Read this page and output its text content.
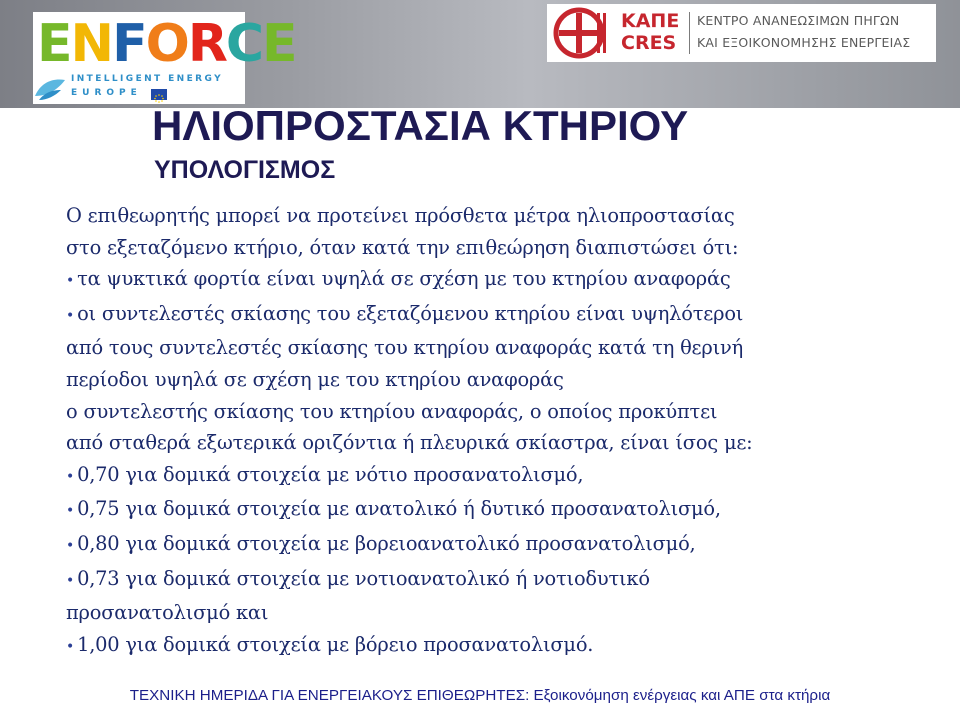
ENFORCE
INTELLIGENT ENERGY
EUROPE
ΚΑΠΕ
CRES
ΚΕΝΤΡΟ ΑΝΑΝΕΩΣΙΜΩΝ ΠΗΓΩΝ
ΚΑΙ ΕΞΟΙΚΟΝΟΜΗΣΗΣ ΕΝΕΡΓΕΙΑΣ
ΗΛΙΟΠΡΟΣΤΑΣΙΑ ΚΤΗΡΙΟΥ
ΥΠΟΛΟΓΙΣΜΟΣ
Ο επιθεωρητής μπορεί να προτείνει πρόσθετα μέτρα ηλιοπροστασίας
στο εξεταζόμενο κτήριο, όταν κατά την επιθεώρηση διαπιστώσει ότι:
• τα ψυκτικά φορτία είναι υψηλά σε σχέση με του κτηρίου αναφοράς
• οι συντελεστές σκίασης του εξεταζόμενου κτηρίου είναι υψηλότεροι
από τους συντελεστές σκίασης του κτηρίου αναφοράς κατά τη θερινή
περίοδοι υψηλά σε σχέση με του κτηρίου αναφοράς
ο συντελεστής σκίασης του κτηρίου αναφοράς, ο οποίος προκύπτει
από σταθερά εξωτερικά οριζόντια ή πλευρικά σκίαστρα, είναι ίσος με:
• 0,70 για δομικά στοιχεία με νότιο προσανατολισμό,
• 0,75 για δομικά στοιχεία με ανατολικό ή δυτικό προσανατολισμό,
• 0,80 για δομικά στοιχεία με βορειοανατολικό προσανατολισμό,
• 0,73 για δομικά στοιχεία με νοτιοανατολικό ή νοτιοδυτικό
προσανατολισμό και
• 1,00 για δομικά στοιχεία με βόρειο προσανατολισμό.
ΤΕΧΝΙΚΗ ΗΜΕΡΙΔΑ ΓΙΑ ΕΝΕΡΓΕΙΑΚΟΥΣ ΕΠΙΘΕΩΡΗΤΕΣ: Εξοικονόμηση ενέργειας και ΑΠΕ στα κτήρια
